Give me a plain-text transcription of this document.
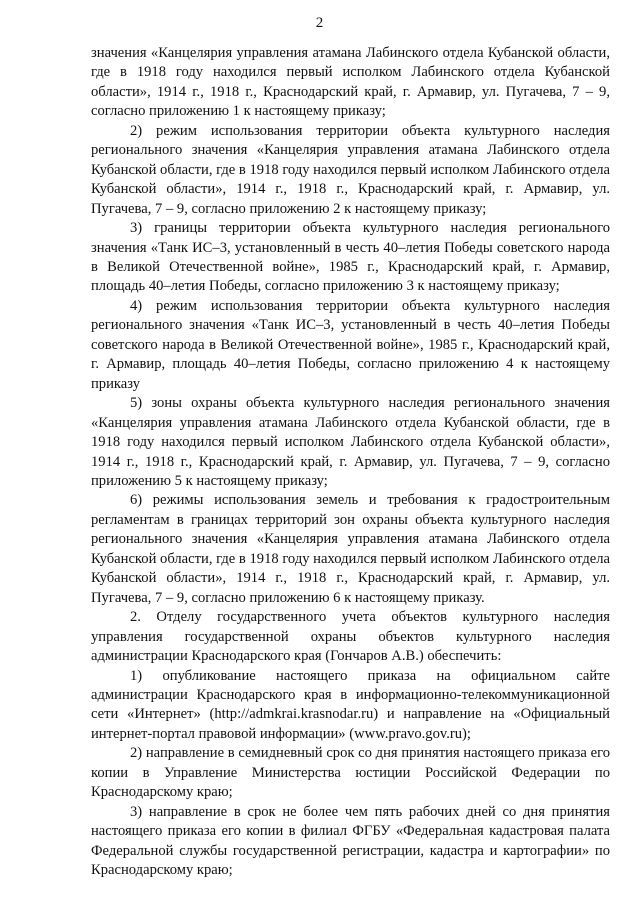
2

значения «Канцелярия управления атамана Лабинского отдела Кубанской области, где в 1918 году находился первый исполком Лабинского отдела Кубанской области», 1914 г., 1918 г., Краснодарский край, г. Армавир, ул. Пугачева, 7 – 9, согласно приложению 1 к настоящему приказу;

2) режим использования территории объекта культурного наследия регионального значения «Канцелярия управления атамана Лабинского отдела Кубанской области, где в 1918 году находился первый исполком Лабинского отдела Кубанской области», 1914 г., 1918 г., Краснодарский край, г. Армавир, ул. Пугачева, 7 – 9, согласно приложению 2 к настоящему приказу;

3) границы территории объекта культурного наследия регионального значения «Танк ИС–3, установленный в честь 40–летия Победы советского народа в Великой Отечественной войне», 1985 г., Краснодарский край, г. Армавир, площадь 40–летия Победы, согласно приложению 3 к настоящему приказу;

4) режим использования территории объекта культурного наследия регионального значения «Танк ИС–3, установленный в честь 40–летия Победы советского народа в Великой Отечественной войне», 1985 г., Краснодарский край, г. Армавир, площадь 40–летия Победы, согласно приложению 4 к настоящему приказу

5) зоны охраны объекта культурного наследия регионального значения «Канцелярия управления атамана Лабинского отдела Кубанской области, где в 1918 году находился первый исполком Лабинского отдела Кубанской области», 1914 г., 1918 г., Краснодарский край, г. Армавир, ул. Пугачева, 7 – 9, согласно приложению 5 к настоящему приказу;

6) режимы использования земель и требования к градостроительным регламентам в границах территорий зон охраны объекта культурного наследия регионального значения «Канцелярия управления атамана Лабинского отдела Кубанской области, где в 1918 году находился первый исполком Лабинского отдела Кубанской области», 1914 г., 1918 г., Краснодарский край, г. Армавир, ул. Пугачева, 7 – 9, согласно приложению 6 к настоящему приказу.

2. Отделу государственного учета объектов культурного наследия управления государственной охраны объектов культурного наследия администрации Краснодарского края (Гончаров А.В.) обеспечить:

1) опубликование настоящего приказа на официальном сайте администрации Краснодарского края в информационно-телекоммуникационной сети «Интернет» (http://admkrai.krasnodar.ru) и направление на «Официальный интернет-портал правовой информации» (www.pravo.gov.ru);

2) направление в семидневный срок со дня принятия настоящего приказа его копии в Управление Министерства юстиции Российской Федерации по Краснодарскому краю;

3) направление в срок не более чем пять рабочих дней со дня принятия настоящего приказа его копии в филиал ФГБУ «Федеральная кадастровая палата Федеральной службы государственной регистрации, кадастра и картографии» по Краснодарскому краю;
